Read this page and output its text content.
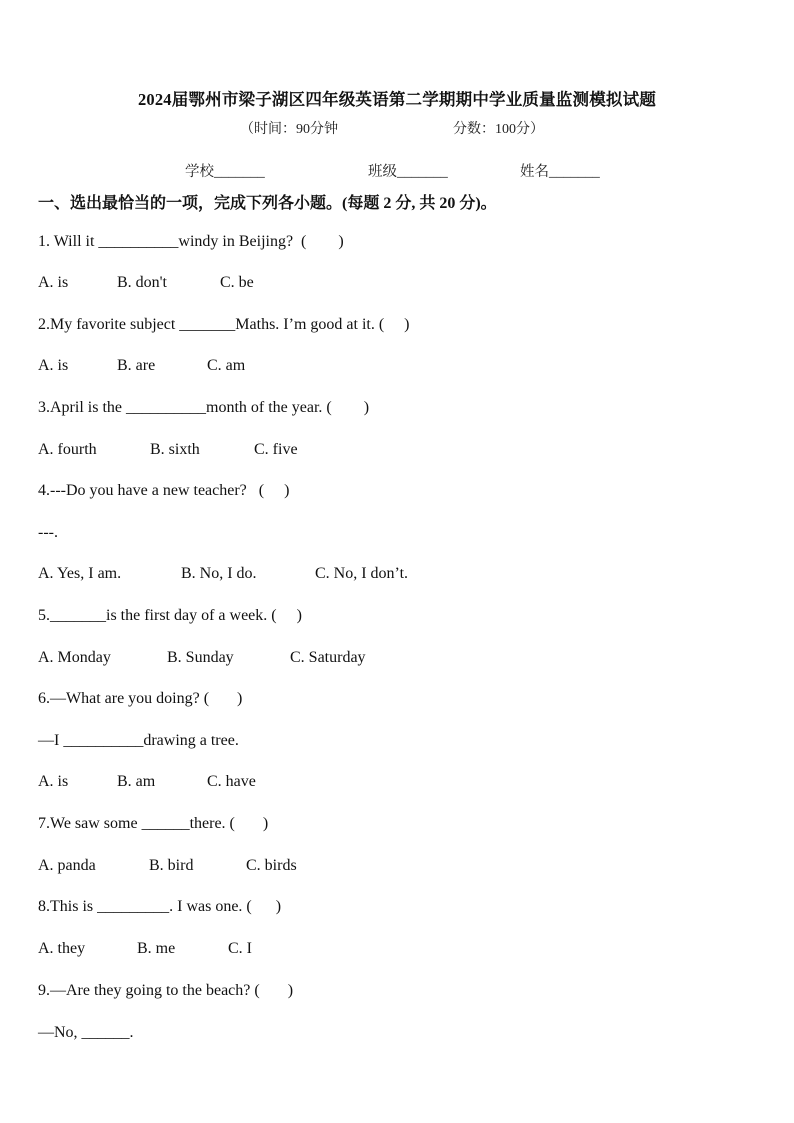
2024届鄂州市梁子湖区四年级英语第二学期期中学业质量监测模拟试题
（时间：90分钟	分数：100分）
学校_______	班级_______	姓名_______
一、选出最恰当的一项，完成下列各小题。(每题 2 分, 共 20 分)。
1. Will it __________windy in Beijing?  (        )
A. is	B. don't	C. be
2.My favorite subject _______Maths. I’m good at it. (     )
A. is	B. are	C. am
3.April is the __________month of the year. (        )
A. fourth	B. sixth	C. five
4.---Do you have a new teacher?   (     )
---.
A. Yes, I am.	B. No, I do.	C. No, I don’t.
5._______is the first day of a week. (     )
A. Monday	B. Sunday	C. Saturday
6.—What are you doing? (       )
—I __________drawing a tree.
A. is	B. am	C. have
7.We saw some ______there. (       )
A. panda	B. bird	C. birds
8.This is _________. I was one. (      )
A. they	B. me	C. I
9.—Are they going to the beach? (       )
—No, ______.
